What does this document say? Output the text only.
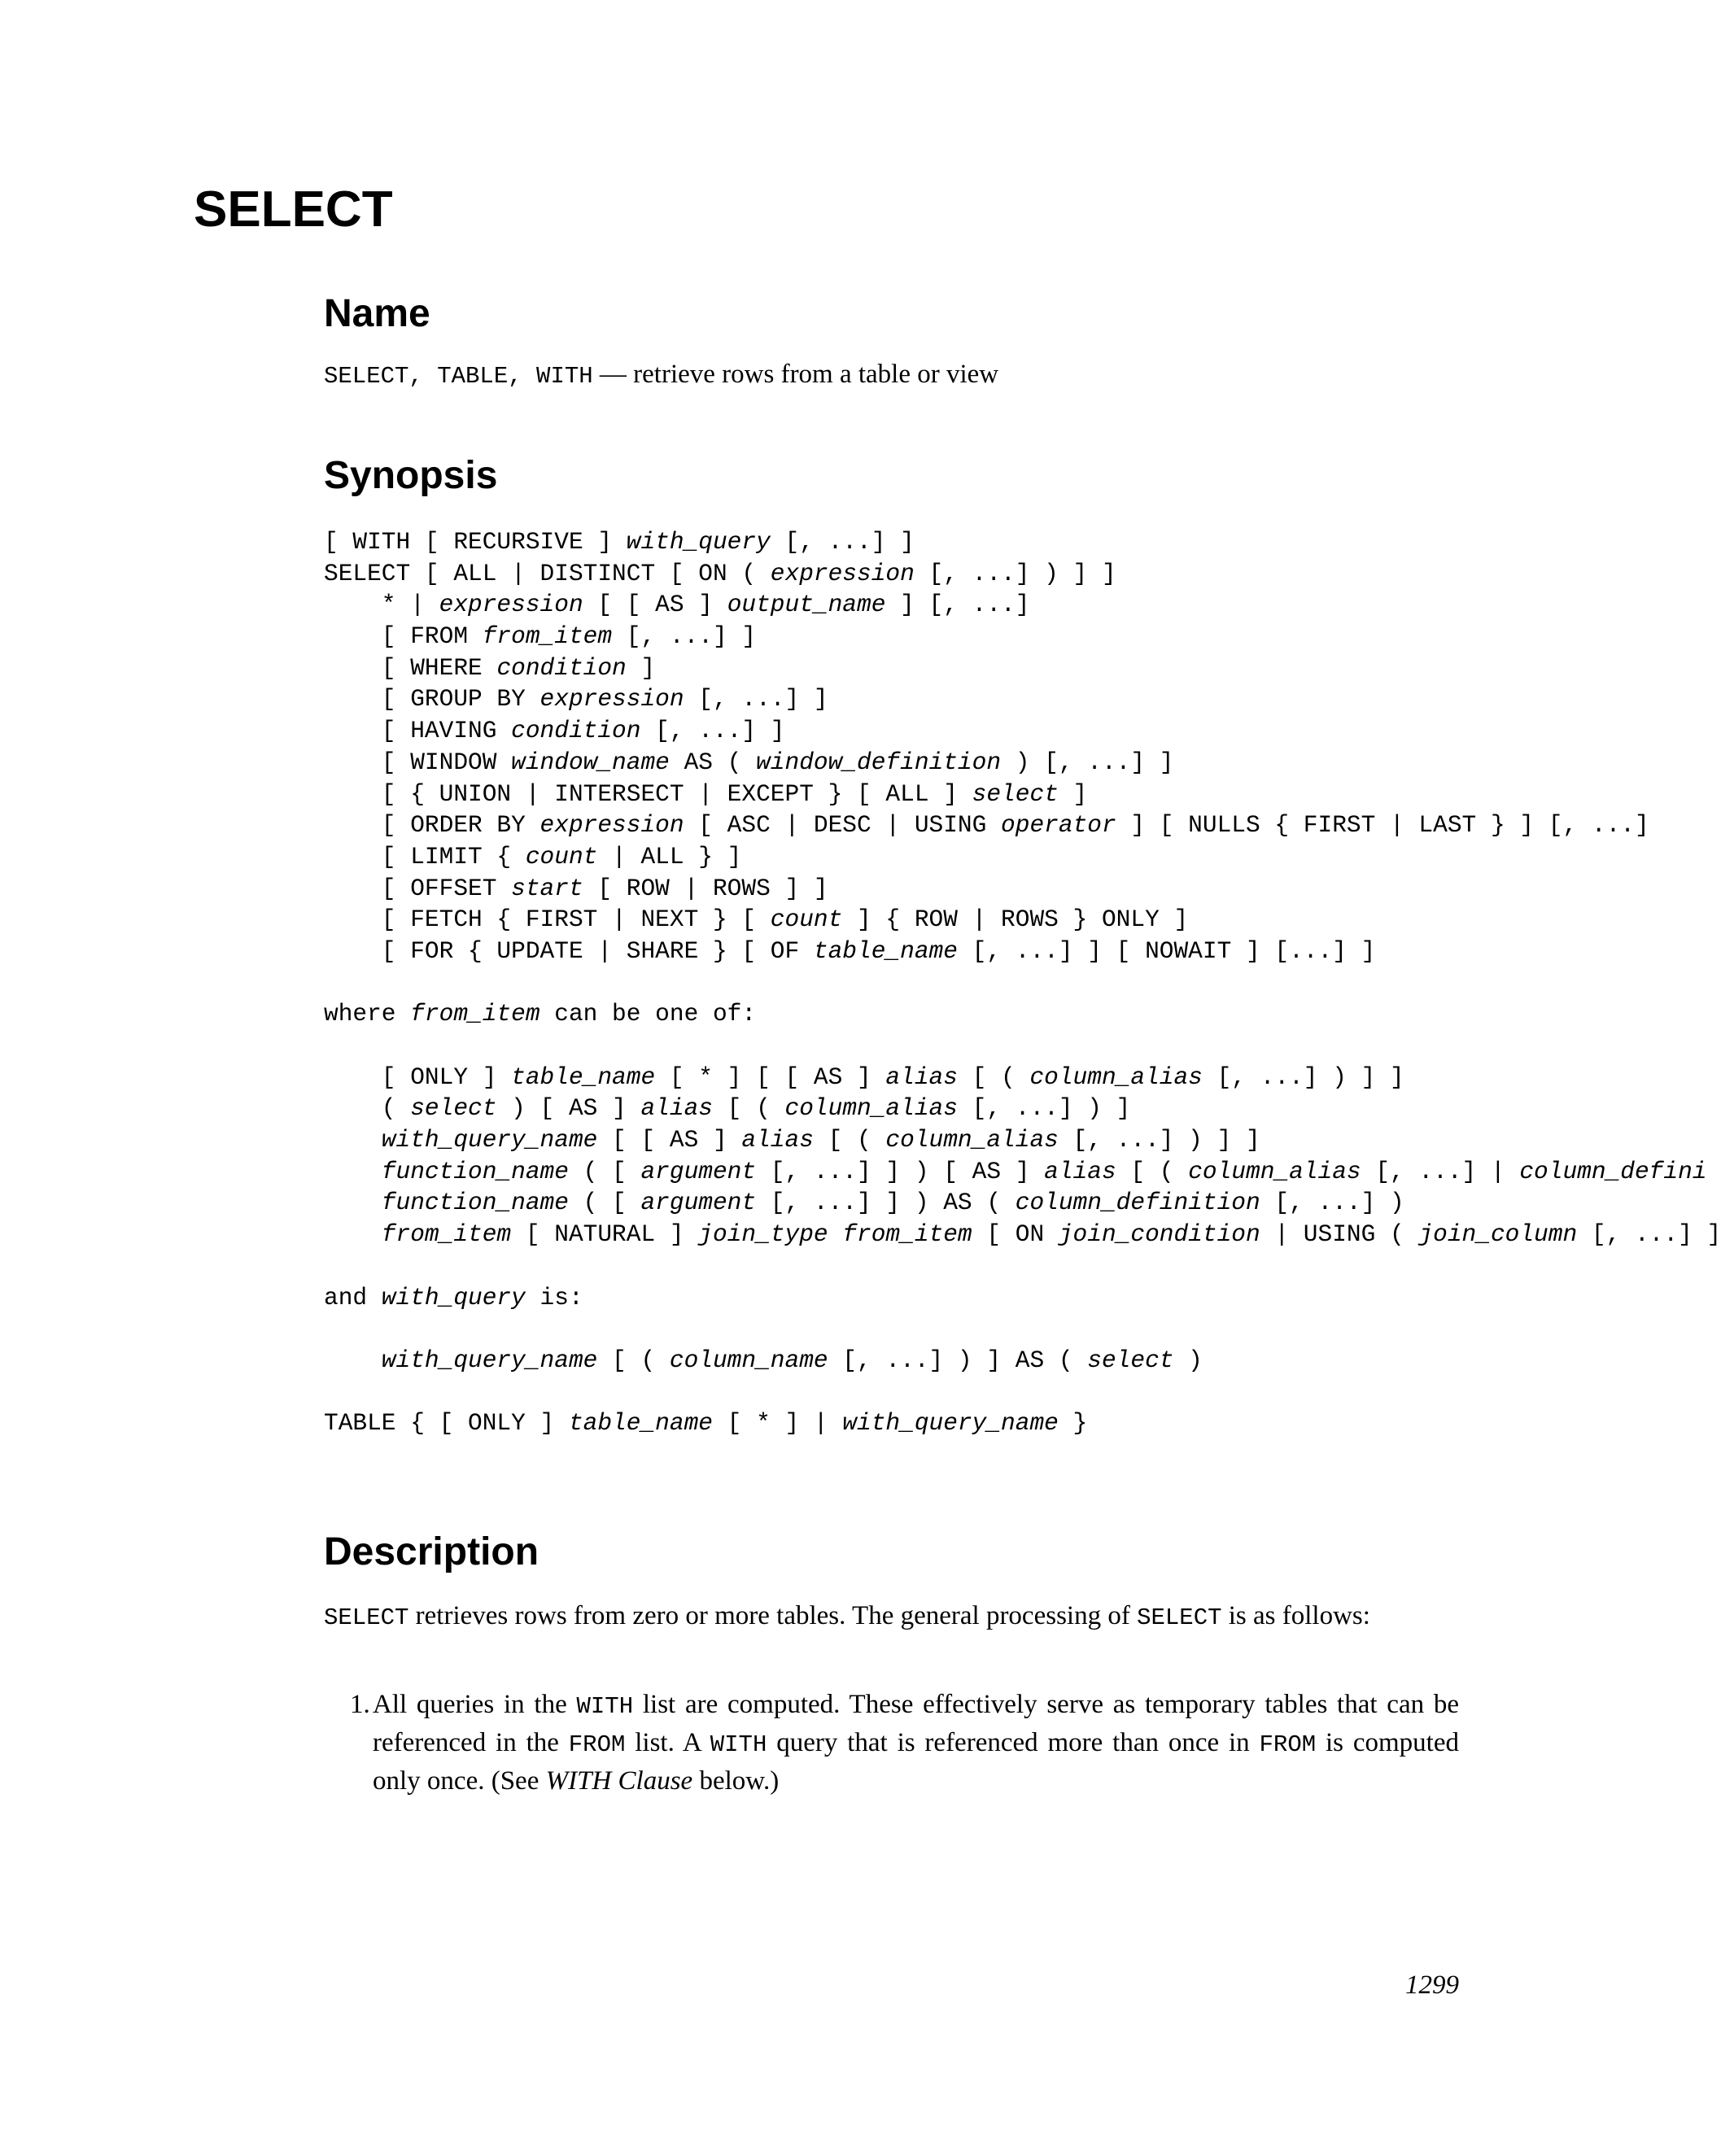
SELECT
Name
SELECT, TABLE, WITH — retrieve rows from a table or view
Synopsis
[ WITH [ RECURSIVE ] with_query [, ...] ]
SELECT [ ALL | DISTINCT [ ON ( expression [, ...] ) ] ]
* | expression [ [ AS ] output_name ] [, ...]
[ FROM from_item [, ...] ]
[ WHERE condition ]
[ GROUP BY expression [, ...] ]
[ HAVING condition [, ...] ]
[ WINDOW window_name AS ( window_definition ) [, ...] ]
[ { UNION | INTERSECT | EXCEPT } [ ALL ] select ]
[ ORDER BY expression [ ASC | DESC | USING operator ] [ NULLS { FIRST | LAST } ] [, ...]
[ LIMIT { count | ALL } ]
[ OFFSET start [ ROW | ROWS ] ]
[ FETCH { FIRST | NEXT } [ count ] { ROW | ROWS } ONLY ]
[ FOR { UPDATE | SHARE } [ OF table_name [, ...] ] [ NOWAIT ] [...] ]
where from_item can be one of:
[ ONLY ] table_name [ * ] [ [ AS ] alias [ ( column_alias [, ...] ) ] ]
( select ) [ AS ] alias [ ( column_alias [, ...] ) ]
with_query_name [ [ AS ] alias [ ( column_alias [, ...] ) ] ]
function_name ( [ argument [, ...] ] ) [ AS ] alias [ ( column_alias [, ...] | column_defini
function_name ( [ argument [, ...] ] ) AS ( column_definition [, ...] )
from_item [ NATURAL ] join_type from_item [ ON join_condition | USING ( join_column [, ...] ]
and with_query is:
with_query_name [ ( column_name [, ...] ) ] AS ( select )
TABLE { [ ONLY ] table_name [ * ] | with_query_name }
Description

SELECT retrieves rows from zero or more tables. The general processing of SELECT is as follows:

1. All queries in the WITH list are computed. These effectively serve as temporary tables that can be referenced in the FROM list. A WITH query that is referenced more than once in FROM is computed only once. (See WITH Clause below.)
1299
